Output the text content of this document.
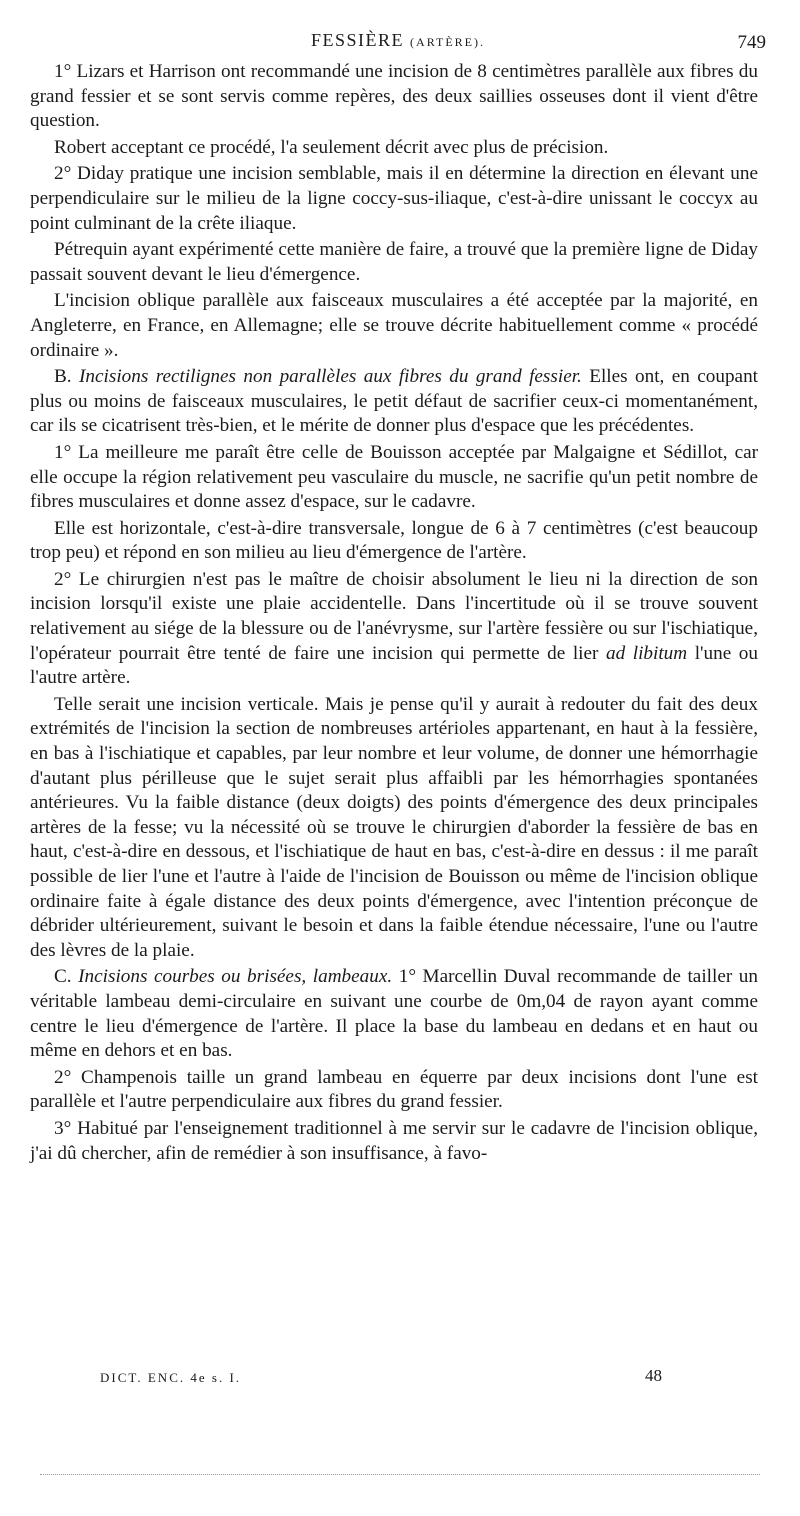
FESSIÈRE (ARTÈRE).	749

1° Lizars et Harrison ont recommandé une incision de 8 centimètres parallèle aux fibres du grand fessier et se sont servis comme repères, des deux saillies osseuses dont il vient d'être question.

Robert acceptant ce procédé, l'a seulement décrit avec plus de précision.

2° Diday pratique une incision semblable, mais il en détermine la direction en élevant une perpendiculaire sur le milieu de la ligne coccy-sus-iliaque, c'est-à-dire unissant le coccyx au point culminant de la crête iliaque.

Pétrequin ayant expérimenté cette manière de faire, a trouvé que la première ligne de Diday passait souvent devant le lieu d'émergence.

L'incision oblique parallèle aux faisceaux musculaires a été acceptée par la majorité, en Angleterre, en France, en Allemagne; elle se trouve décrite habituellement comme « procédé ordinaire ».

B. Incisions rectilignes non parallèles aux fibres du grand fessier. Elles ont, en coupant plus ou moins de faisceaux musculaires, le petit défaut de sacrifier ceux-ci momentanément, car ils se cicatrisent très-bien, et le mérite de donner plus d'espace que les précédentes.

1° La meilleure me paraît être celle de Bouisson acceptée par Malgaigne et Sédillot, car elle occupe la région relativement peu vasculaire du muscle, ne sacrifie qu'un petit nombre de fibres musculaires et donne assez d'espace, sur le cadavre.

Elle est horizontale, c'est-à-dire transversale, longue de 6 à 7 centimètres (c'est beaucoup trop peu) et répond en son milieu au lieu d'émergence de l'artère.

2° Le chirurgien n'est pas le maître de choisir absolument le lieu ni la direction de son incision lorsqu'il existe une plaie accidentelle. Dans l'incertitude où il se trouve souvent relativement au siége de la blessure ou de l'anévrysme, sur l'artère fessière ou sur l'ischiatique, l'opérateur pourrait être tenté de faire une incision qui permette de lier ad libitum l'une ou l'autre artère.

Telle serait une incision verticale. Mais je pense qu'il y aurait à redouter du fait des deux extrémités de l'incision la section de nombreuses artérioles appartenant, en haut à la fessière, en bas à l'ischiatique et capables, par leur nombre et leur volume, de donner une hémorrhagie d'autant plus périlleuse que le sujet serait plus affaibli par les hémorrhagies spontanées antérieures. Vu la faible distance (deux doigts) des points d'émergence des deux principales artères de la fesse; vu la nécessité où se trouve le chirurgien d'aborder la fessière de bas en haut, c'est-à-dire en dessous, et l'ischiatique de haut en bas, c'est-à-dire en dessus : il me paraît possible de lier l'une et l'autre à l'aide de l'incision de Bouisson ou même de l'incision oblique ordinaire faite à égale distance des deux points d'émergence, avec l'intention préconçue de débrider ultérieurement, suivant le besoin et dans la faible étendue nécessaire, l'une ou l'autre des lèvres de la plaie.

C. Incisions courbes ou brisées, lambeaux. 1° Marcellin Duval recommande de tailler un véritable lambeau demi-circulaire en suivant une courbe de 0m,04 de rayon ayant comme centre le lieu d'émergence de l'artère. Il place la base du lambeau en dedans et en haut ou même en dehors et en bas.

2° Champenois taille un grand lambeau en équerre par deux incisions dont l'une est parallèle et l'autre perpendiculaire aux fibres du grand fessier.

3° Habitué par l'enseignement traditionnel à me servir sur le cadavre de l'incision oblique, j'ai dû chercher, afin de remédier à son insuffisance, à favo-

DICT. ENC. 4e s. I.	48
